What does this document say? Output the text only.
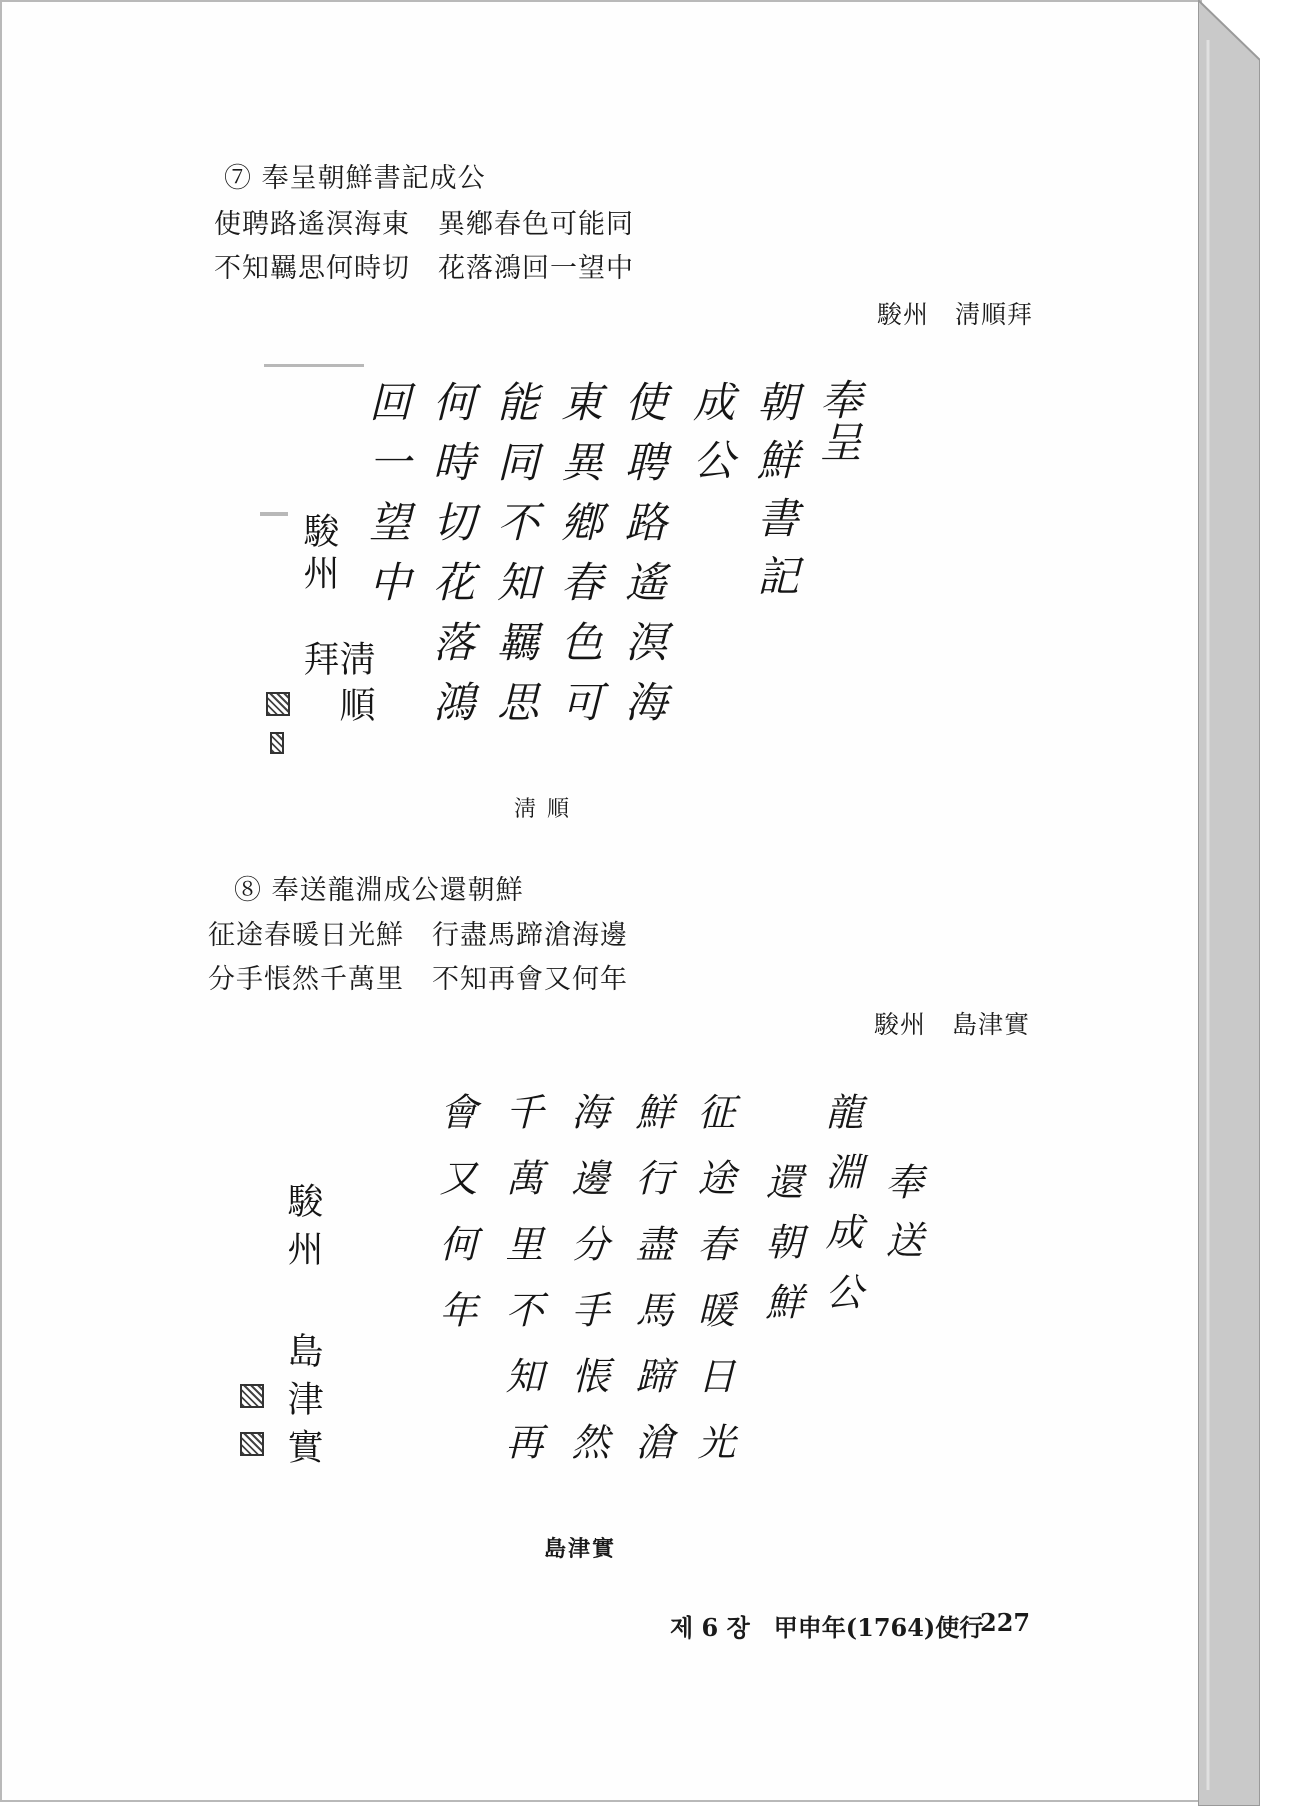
⑦ 奉呈朝鮮書記成公
使聘路遙溟海東　異鄕春色可能同
不知羈思何時切　花落鴻回一望中
駿州　淸順拜
奉呈
朝鮮書記
成公
使聘路遙溟海
東異鄕春色可
能同不知羈思
何時切花落鴻
回一望中
駿州
淸順拜
淸 順
⑧ 奉送龍淵成公還朝鮮
征途春暖日光鮮　行盡馬蹄滄海邊
分手悵然千萬里　不知再會又何年
駿州　島津實
奉送
龍淵成公
還朝鮮
征途春暖日光
鮮行盡馬蹄滄
海邊分手悵然
千萬里不知再
會又何年
駿州
島津實
島津實
제 6 장　甲申年(1764)使行
227
